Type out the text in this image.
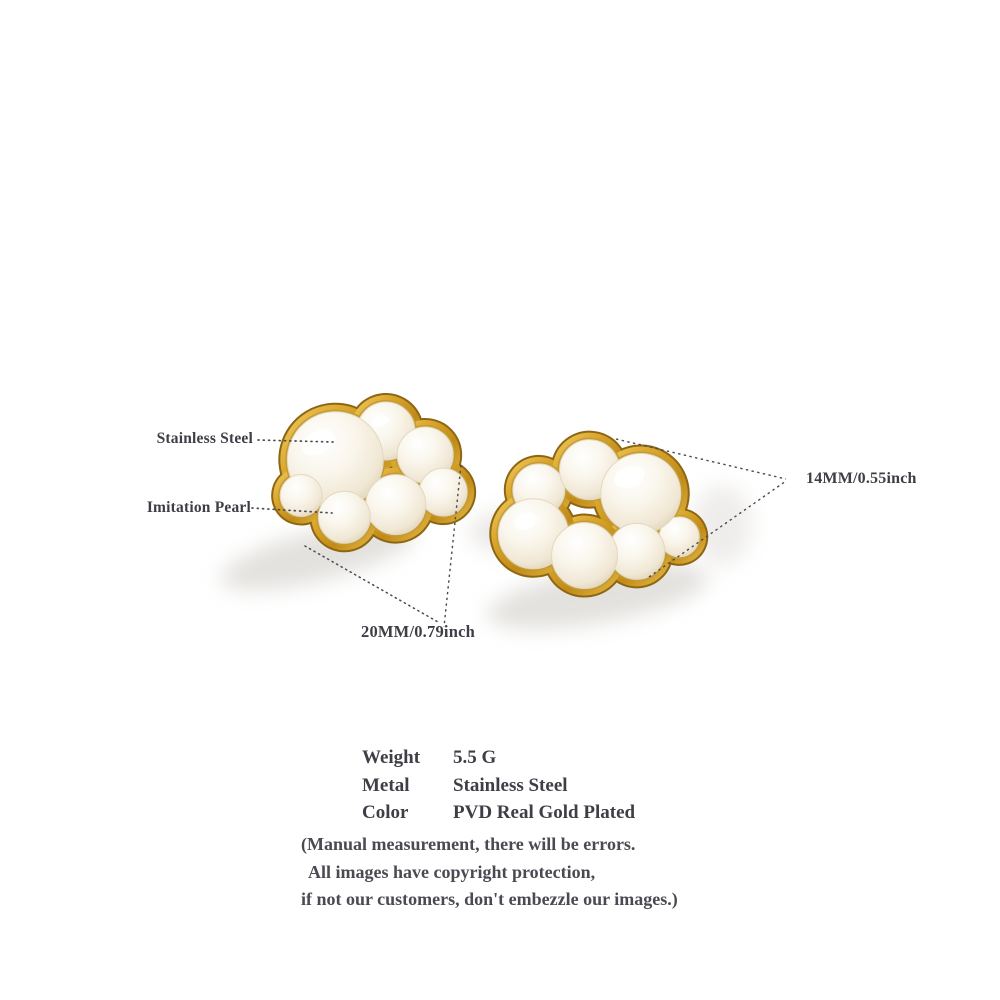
Stainless Steel
Imitation Pearl
14MM/0.55inch
20MM/0.79inch
Weight	5.5 G
Metal	Stainless Steel
Color	PVD Real Gold Plated
(Manual measurement, there will be errors.
All images have copyright protection,
if not our customers, don't embezzle our images.)
